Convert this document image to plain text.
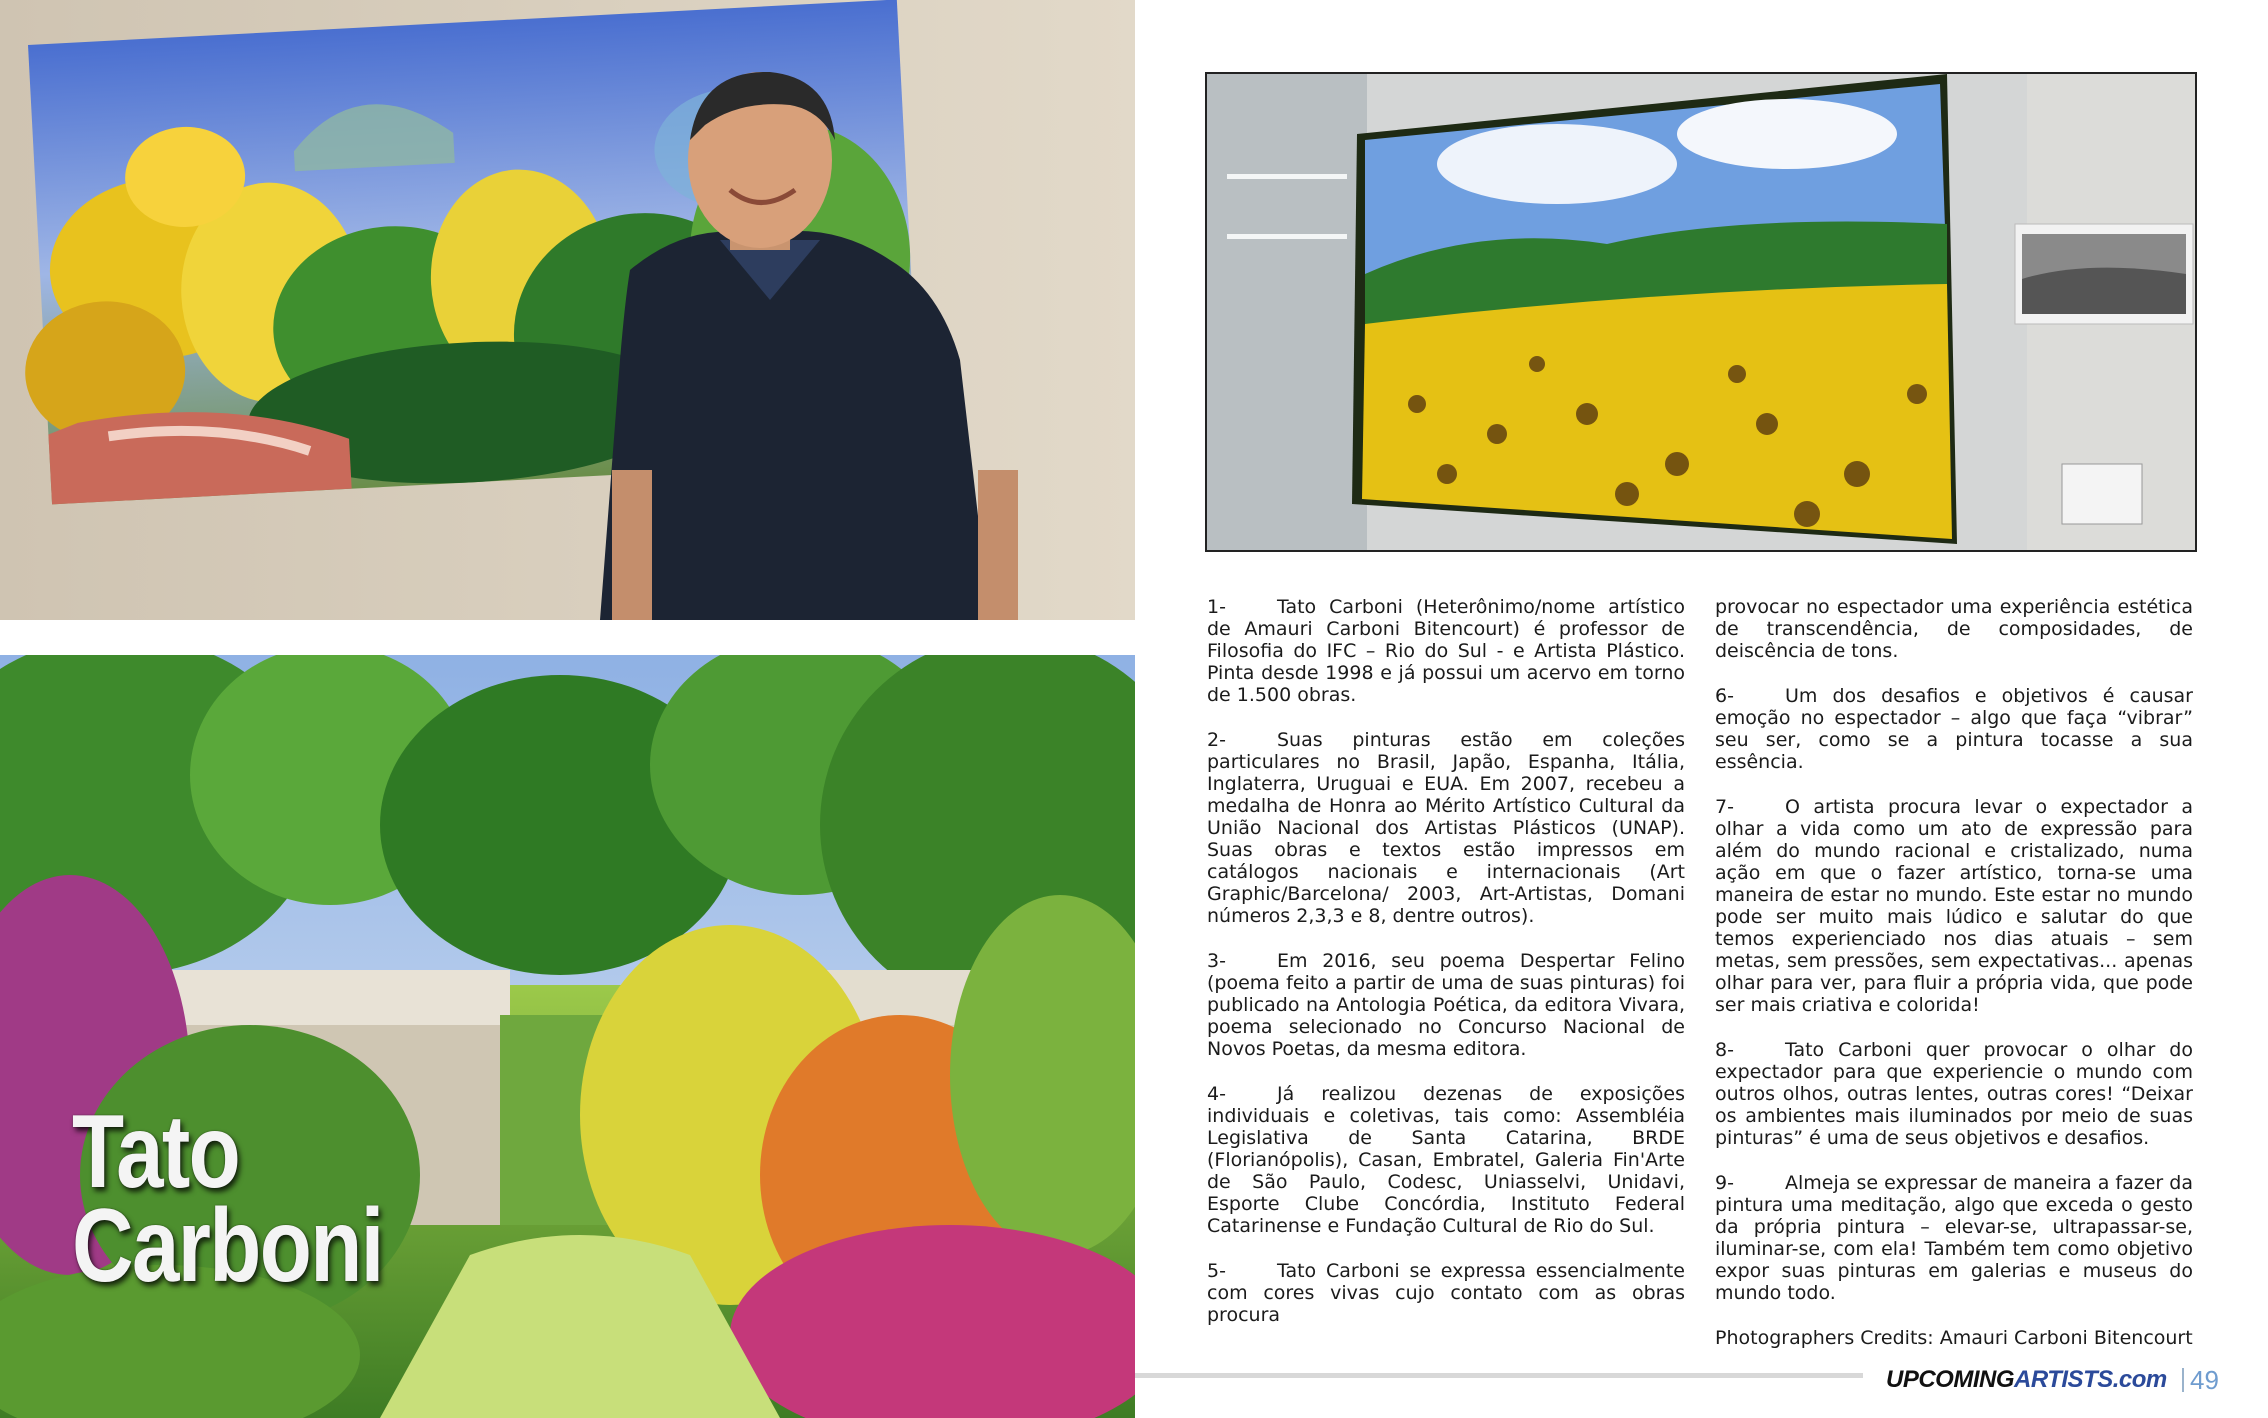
Tato
Carboni

1-	Tato Carboni (Heterônimo/nome artístico de Amauri Carboni Bitencourt) é professor de Filosofia do IFC – Rio do Sul - e Artista Plástico. Pinta desde 1998 e já possui um acervo em torno de 1.500 obras.

2-	Suas pinturas estão em coleções particulares no Brasil, Japão, Espanha, Itália, Inglaterra, Uruguai e EUA. Em 2007, recebeu a medalha de Honra ao Mérito Artístico Cultural da União Nacional dos Artistas Plásticos (UNAP). Suas obras e textos estão impressos em catálogos nacionais e internacionais (Art Graphic/Barcelona/ 2003, Art-Artistas, Domani números 2,3,3 e 8, dentre outros).

3-	Em 2016, seu poema Despertar Felino (poema feito a partir de uma de suas pinturas) foi publicado na Antologia Poética, da editora Vivara, poema selecionado no Concurso Nacional de Novos Poetas, da mesma editora.

4-	Já realizou dezenas de exposições individuais e coletivas, tais como: Assembléia Legislativa de Santa Catarina, BRDE (Florianópolis), Casan, Embratel, Galeria Fin'Arte de São Paulo, Codesc, Uniasselvi, Unidavi, Esporte Clube Concórdia, Instituto Federal Catarinense e Fundação Cultural de Rio do Sul.

5-	Tato Carboni se expressa essencialmente com cores vivas cujo contato com as obras procura

provocar no espectador uma experiência estética de transcendência, de composidades, de deiscência de tons.

6-	Um dos desafios e objetivos é causar emoção no espectador – algo que faça “vibrar” seu ser, como se a pintura tocasse a sua essência.

7-	O artista procura levar o expectador a olhar a vida como um ato de expressão para além do mundo racional e cristalizado, numa ação em que o fazer artístico, torna-se uma maneira de estar no mundo. Este estar no mundo pode ser muito mais lúdico e salutar do que temos experienciado nos dias atuais – sem metas, sem pressões, sem expectativas... apenas olhar para ver, para fluir a própria vida, que pode ser mais criativa e colorida!

8-	Tato Carboni quer provocar o olhar do expectador para que experiencie o mundo com outros olhos, outras lentes, outras cores! “Deixar os ambientes mais iluminados por meio de suas pinturas” é uma de seus objetivos e desafios.

9-	Almeja se expressar de maneira a fazer da pintura uma meditação, algo que exceda o gesto da própria pintura – elevar-se, ultrapassar-se, iluminar-se, com ela! Também tem como objetivo expor suas pinturas em galerias e museus do mundo todo.

Photographers Credits: Amauri Carboni Bitencourt

UPCOMINGARTISTS.com 49
